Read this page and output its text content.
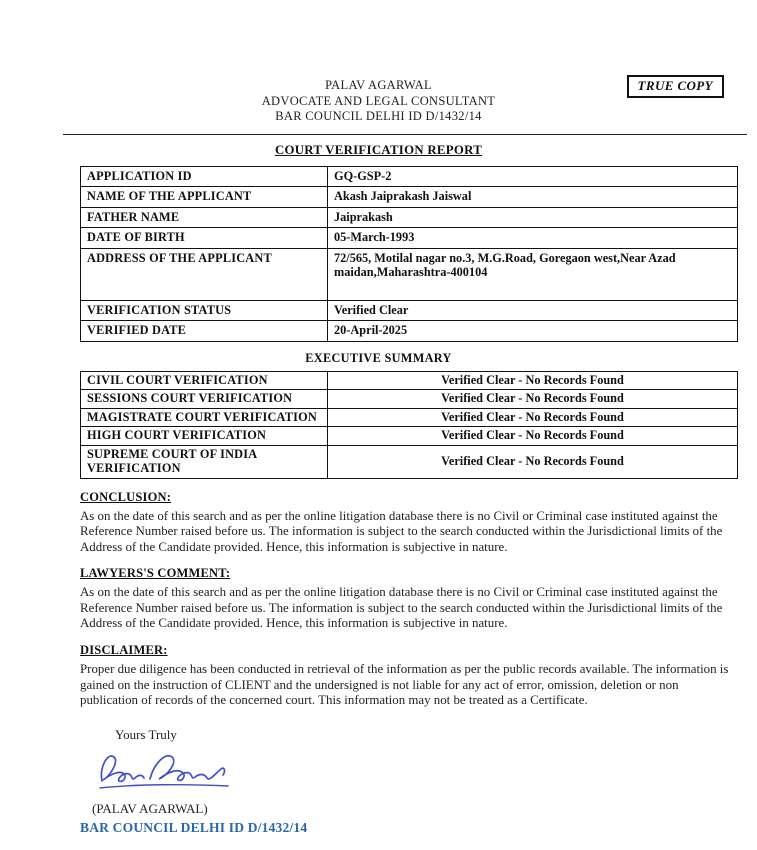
TRUE COPY
PALAV AGARWAL
ADVOCATE AND LEGAL CONSULTANT
BAR COUNCIL DELHI ID D/1432/14
COURT VERIFICATION REPORT
APPLICATION ID	GQ-GSP-2
NAME OF THE APPLICANT	Akash Jaiprakash Jaiswal
FATHER NAME	Jaiprakash
DATE OF BIRTH	05-March-1993
ADDRESS OF THE APPLICANT	72/565, Motilal nagar no.3, M.G.Road, Goregaon west,Near Azad maidan,Maharashtra-400104
VERIFICATION STATUS	Verified Clear
VERIFIED DATE	20-April-2025
EXECUTIVE SUMMARY
CIVIL COURT VERIFICATION	Verified Clear - No Records Found
SESSIONS COURT VERIFICATION	Verified Clear - No Records Found
MAGISTRATE COURT VERIFICATION	Verified Clear - No Records Found
HIGH COURT VERIFICATION	Verified Clear - No Records Found
SUPREME COURT OF INDIA VERIFICATION	Verified Clear - No Records Found
CONCLUSION:

As on the date of this search and as per the online litigation database there is no Civil or Criminal case instituted against the Reference Number raised before us. The information is subject to the search conducted within the Jurisdictional limits of the Address of the Candidate provided. Hence, this information is subjective in nature.

LAWYERS'S COMMENT:

As on the date of this search and as per the online litigation database there is no Civil or Criminal case instituted against the Reference Number raised before us. The information is subject to the search conducted within the Jurisdictional limits of the Address of the Candidate provided. Hence, this information is subjective in nature.

DISCLAIMER:

Proper due diligence has been conducted in retrieval of the information as per the public records available. The information is gained on the instruction of CLIENT and the undersigned is not liable for any act of error, omission, deletion or non publication of records of the concerned court. This information may not be treated as a Certificate.

Yours Truly
(PALAV AGARWAL)
BAR COUNCIL DELHI ID D/1432/14
